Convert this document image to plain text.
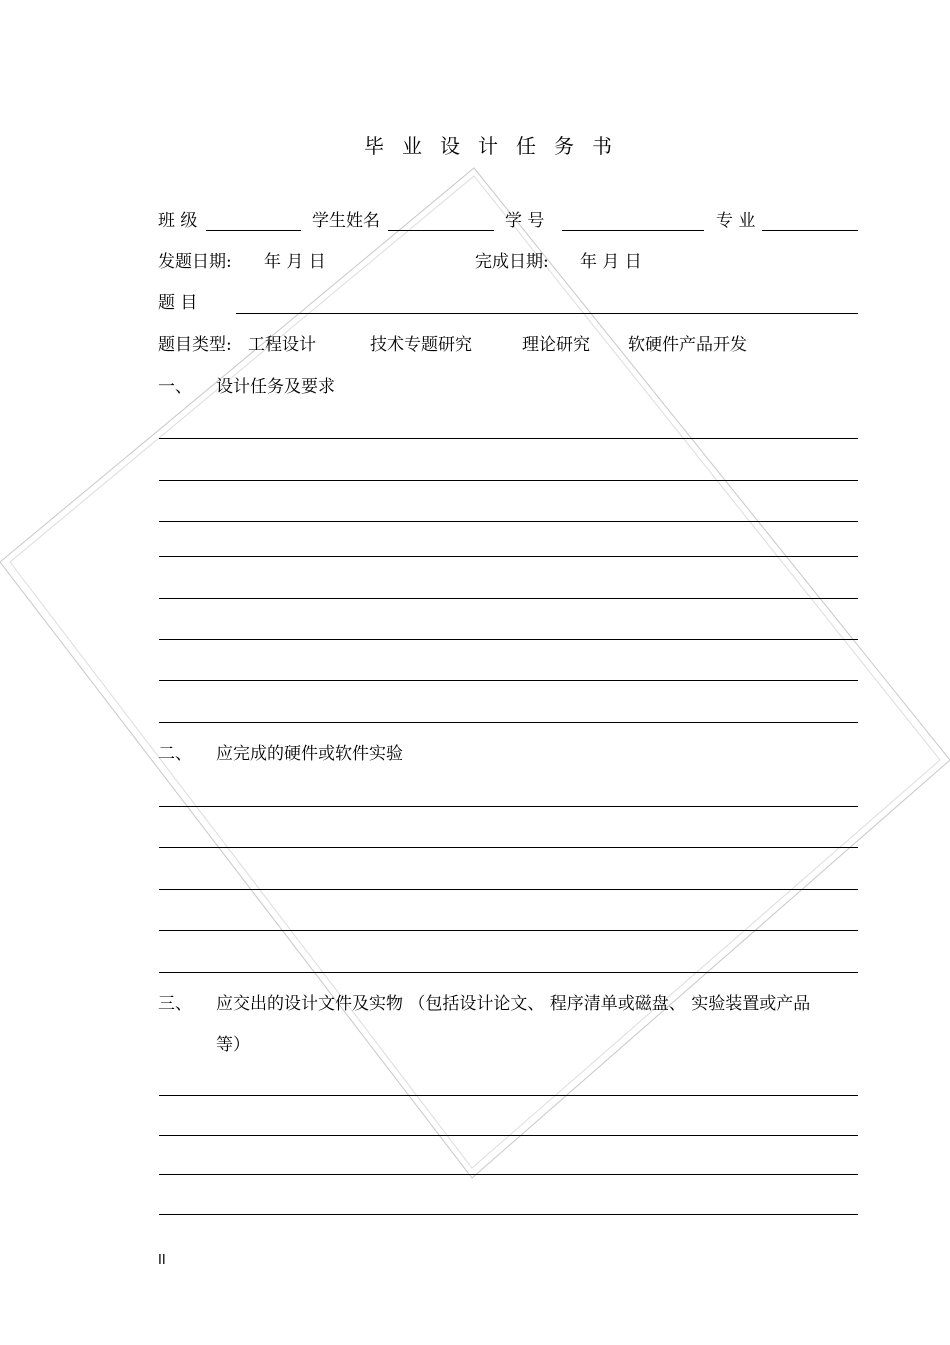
毕业设计任务书
班 级	学生姓名	学 号	专 业
发题日期: 年 月 日	完成日期: 年 月 日
题 目
题目类型: 工程设计	技术专题研究	理论研究 软硬件产品开发
一、 设计任务及要求
二、 应完成的硬件或软件实验
三、 应交出的设计文件及实物 （包括设计论文、 程序清单或磁盘、 实验装置或产品
等）
II
